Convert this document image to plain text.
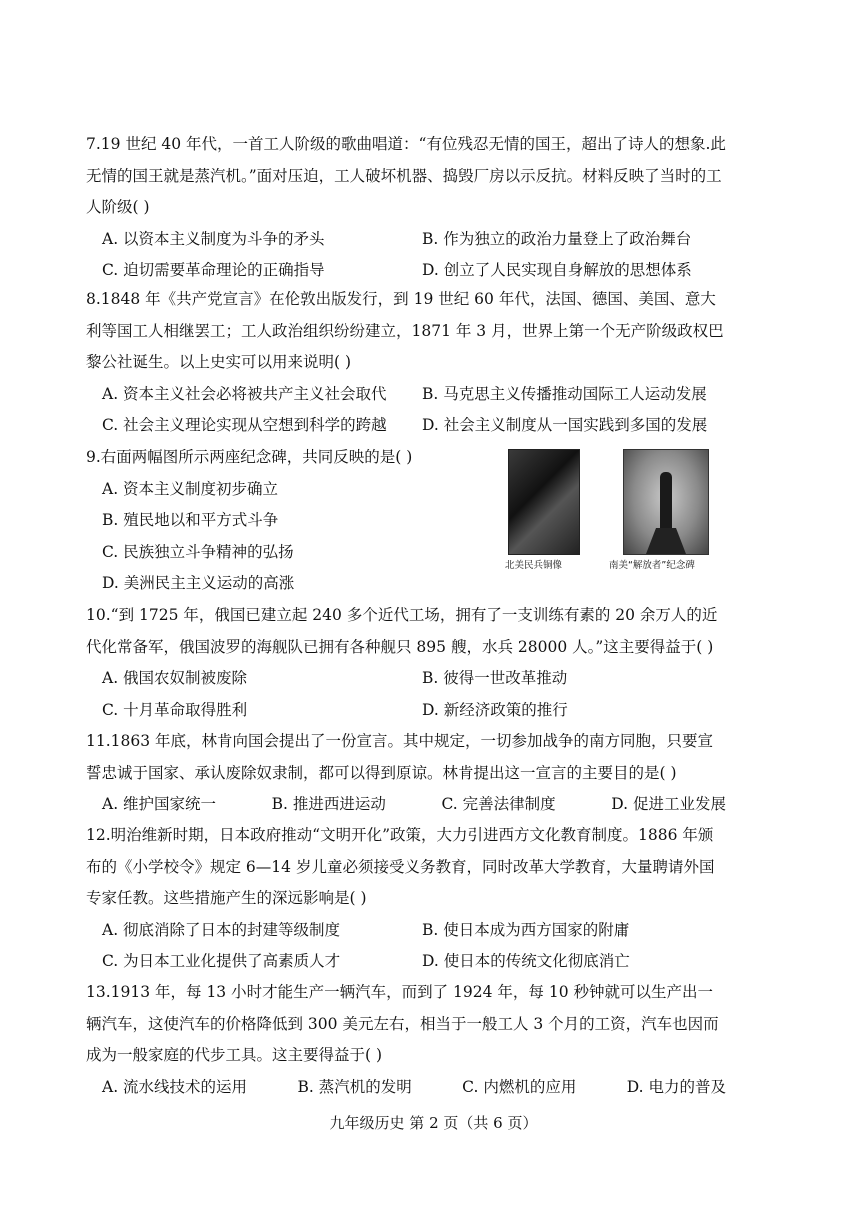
7.19 世纪 40 年代，一首工人阶级的歌曲唱道：“有位残忍无情的国王，超出了诗人的想象.此无情的国王就是蒸汽机。”面对压迫，工人破坏机器、捣毁厂房以示反抗。材料反映了当时的工人阶级( )

A. 以资本主义制度为斗争的矛头	B. 作为独立的政治力量登上了政治舞台
C. 迫切需要革命理论的正确指导	D. 创立了人民实现自身解放的思想体系

8.1848 年《共产党宣言》在伦敦出版发行，到 19 世纪 60 年代，法国、德国、美国、意大利等国工人相继罢工；工人政治组织纷纷建立，1871 年 3 月，世界上第一个无产阶级政权巴黎公社诞生。以上史实可以用来说明( )

A. 资本主义社会必将被共产主义社会取代	B. 马克思主义传播推动国际工人运动发展
C. 社会主义理论实现从空想到科学的跨越	D. 社会主义制度从一国实践到多国的发展

9.右面两幅图所示两座纪念碑，共同反映的是( )

A. 资本主义制度初步确立
B. 殖民地以和平方式斗争
C. 民族独立斗争精神的弘扬
D. 美洲民主主义运动的高涨
北美民兵铜像	南美“解放者”纪念碑

10.“到 1725 年，俄国已建立起 240 多个近代工场，拥有了一支训练有素的 20 余万人的近代化常备军，俄国波罗的海舰队已拥有各种舰只 895 艘，水兵 28000 人。”这主要得益于( )

A. 俄国农奴制被废除	B. 彼得一世改革推动
C. 十月革命取得胜利	D. 新经济政策的推行

11.1863 年底，林肯向国会提出了一份宣言。其中规定，一切参加战争的南方同胞，只要宣誓忠诚于国家、承认废除奴隶制，都可以得到原谅。林肯提出这一宣言的主要目的是( )

A. 维护国家统一	B. 推进西进运动	C. 完善法律制度	D. 促进工业发展

12.明治维新时期，日本政府推动“文明开化”政策，大力引进西方文化教育制度。1886 年颁布的《小学校令》规定 6—14 岁儿童必须接受义务教育，同时改革大学教育，大量聘请外国专家任教。这些措施产生的深远影响是( )

A. 彻底消除了日本的封建等级制度	B. 使日本成为西方国家的附庸
C. 为日本工业化提供了高素质人才	D. 使日本的传统文化彻底消亡

13.1913 年，每 13 小时才能生产一辆汽车，而到了 1924 年，每 10 秒钟就可以生产出一辆汽车，这使汽车的价格降低到 300 美元左右，相当于一般工人 3 个月的工资，汽车也因而成为一般家庭的代步工具。这主要得益于( )

A. 流水线技术的运用	B. 蒸汽机的发明	C. 内燃机的应用	D. 电力的普及
九年级历史 第 2 页（共 6 页）
